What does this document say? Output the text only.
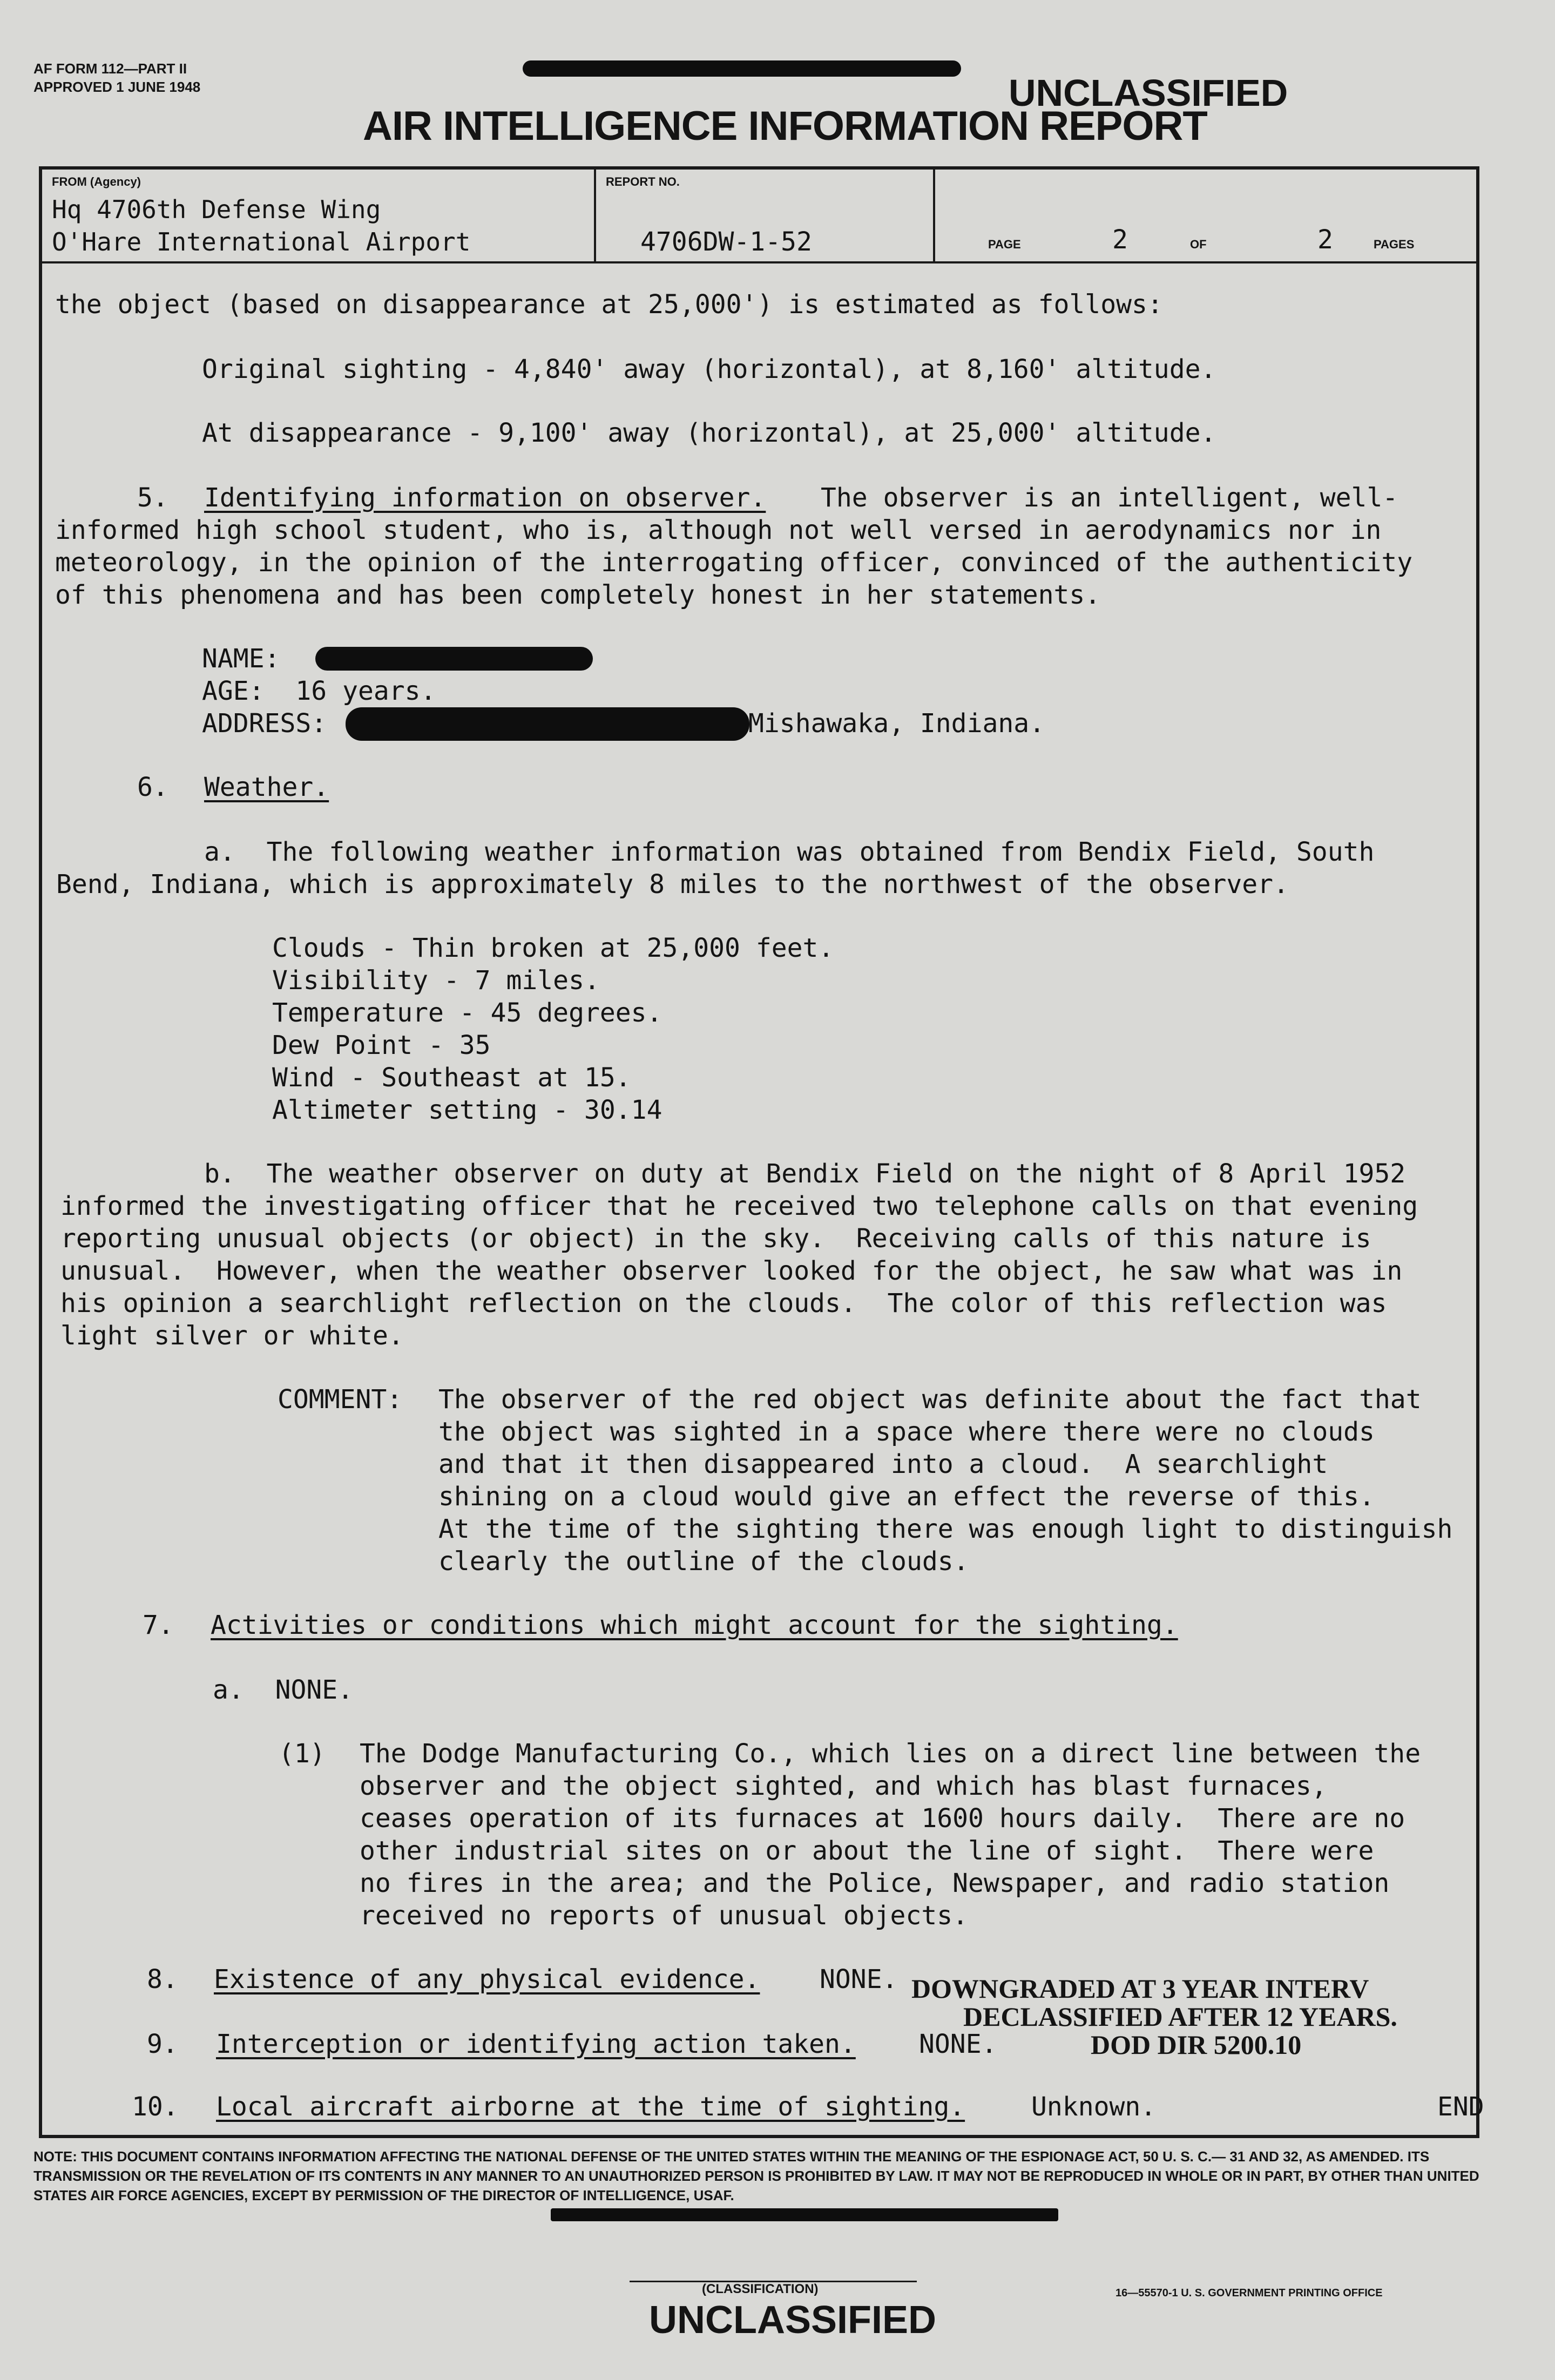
AF FORM 112—PART II
APPROVED 1 JUNE 1948	UNCLASSIFIED
AIR INTELLIGENCE INFORMATION REPORT
FROM (Agency)
Hq 4706th Defense Wing
O'Hare International Airport
REPORT NO.
4706DW-1-52	PAGE	2	OF	2	PAGES
the object (based on disappearance at 25,000') is estimated as follows:
Original sighting - 4,840' away (horizontal), at 8,160' altitude.
At disappearance - 9,100' away (horizontal), at 25,000' altitude.
5. Identifying information on observer. The observer is an intelligent, well-
informed high school student, who is, although not well versed in aerodynamics nor in
meteorology, in the opinion of the interrogating officer, convinced of the authenticity
of this phenomena and has been completely honest in her statements.
NAME:
AGE:  16 years.
ADDRESS:	Mishawaka, Indiana.
6. Weather.
a.  The following weather information was obtained from Bendix Field, South
Bend, Indiana, which is approximately 8 miles to the northwest of the observer.
Clouds - Thin broken at 25,000 feet.
Visibility - 7 miles.
Temperature - 45 degrees.
Dew Point - 35
Wind - Southeast at 15.
Altimeter setting - 30.14
b.  The weather observer on duty at Bendix Field on the night of 8 April 1952
informed the investigating officer that he received two telephone calls on that evening
reporting unusual objects (or object) in the sky.  Receiving calls of this nature is
unusual.  However, when the weather observer looked for the object, he saw what was in
his opinion a searchlight reflection on the clouds.  The color of this reflection was
light silver or white.
COMMENT: The observer of the red object was definite about the fact that
the object was sighted in a space where there were no clouds
and that it then disappeared into a cloud.  A searchlight
shining on a cloud would give an effect the reverse of this.
At the time of the sighting there was enough light to distinguish
clearly the outline of the clouds.
7. Activities or conditions which might account for the sighting.
a.  NONE.
(1) The Dodge Manufacturing Co., which lies on a direct line between the
observer and the object sighted, and which has blast furnaces,
ceases operation of its furnaces at 1600 hours daily.  There are no
other industrial sites on or about the line of sight.  There were
no fires in the area; and the Police, Newspaper, and radio station
received no reports of unusual objects.
8. Existence of any physical evidence. NONE.
9. Interception or identifying action taken. NONE.
10. Local aircraft airborne at the time of sighting.	Unknown.	END
DOWNGRADED AT 3 YEAR INTERV
DECLASSIFIED AFTER 12 YEARS.
DOD DIR 5200.10
NOTE: THIS DOCUMENT CONTAINS INFORMATION AFFECTING THE NATIONAL DEFENSE OF THE UNITED STATES WITHIN THE MEANING OF THE ESPIONAGE ACT, 50 U. S. C.— 31 AND 32, AS AMENDED. ITS TRANSMISSION OR THE REVELATION OF ITS CONTENTS IN ANY MANNER TO AN UNAUTHORIZED PERSON IS PROHIBITED BY LAW. IT MAY NOT BE REPRODUCED IN WHOLE OR IN PART, BY OTHER THAN UNITED STATES AIR FORCE AGENCIES, EXCEPT BY PERMISSION OF THE DIRECTOR OF INTELLIGENCE, USAF.
(CLASSIFICATION)
UNCLASSIFIED
16—55570-1 U. S. GOVERNMENT PRINTING OFFICE
